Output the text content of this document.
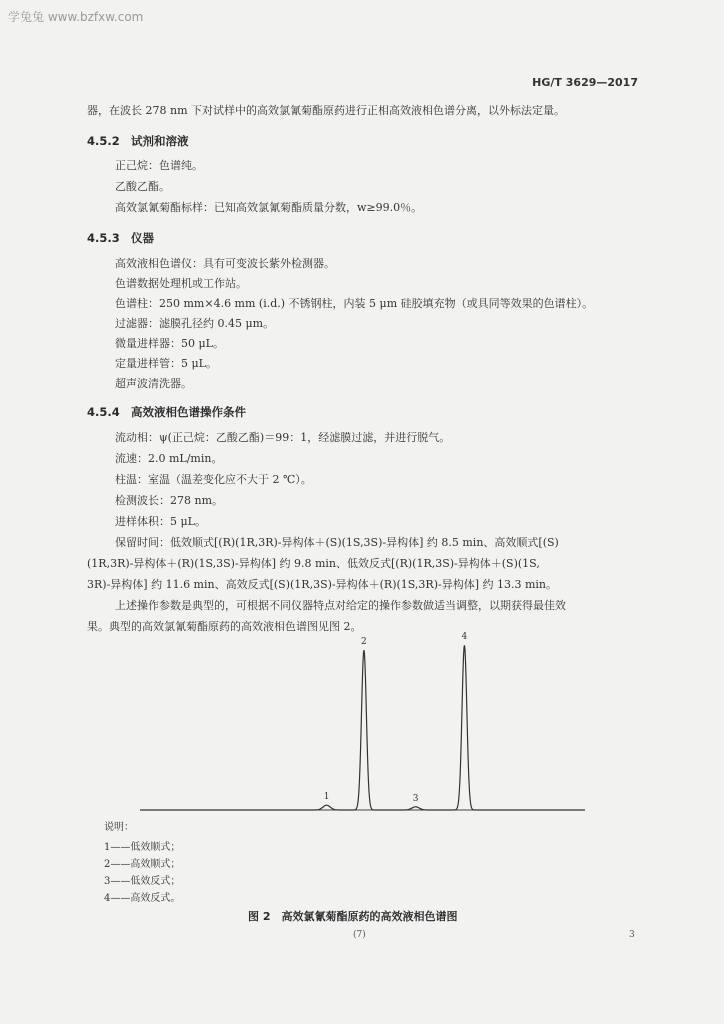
学兔兔 www.bzfxw.com
HG/T 3629—2017
器，在波长 278 nm 下对试样中的高效氯氰菊酯原药进行正相高效液相色谱分离，以外标法定量。
4.5.2 试剂和溶液
正己烷：色谱纯。
乙酸乙酯。
高效氯氰菊酯标样：已知高效氯氰菊酯质量分数，w≥99.0％。
4.5.3 仪器
高效液相色谱仪：具有可变波长紫外检测器。
色谱数据处理机或工作站。
色谱柱：250 mm×4.6 mm (i.d.) 不锈钢柱，内装 5 μm 硅胶填充物（或具同等效果的色谱柱）。
过滤器：滤膜孔径约 0.45 μm。
微量进样器：50 μL。
定量进样管：5 μL。
超声波清洗器。
4.5.4 高效液相色谱操作条件
流动相：ψ(正己烷：乙酸乙酯)＝99：1，经滤膜过滤，并进行脱气。
流速：2.0 mL/min。
柱温：室温（温差变化应不大于 2 ℃）。
检测波长：278 nm。
进样体积：5 μL。
保留时间：低效顺式[(R)(1R,3R)-异构体＋(S)(1S,3S)-异构体] 约 8.5 min、高效顺式[(S)
(1R,3R)-异构体＋(R)(1S,3S)-异构体] 约 9.8 min、低效反式[(R)(1R,3S)-异构体＋(S)(1S,
3R)-异构体] 约 11.6 min、高效反式[(S)(1R,3S)-异构体＋(R)(1S,3R)-异构体] 约 13.3 min。
上述操作参数是典型的，可根据不同仪器特点对给定的操作参数做适当调整，以期获得最佳效
果。典型的高效氯氰菊酯原药的高效液相色谱图见图 2。
1
2
3
4
说明：
1——低效顺式；
2——高效顺式；
3——低效反式；
4——高效反式。
图 2　高效氯氰菊酯原药的高效液相色谱图
(7)	3
